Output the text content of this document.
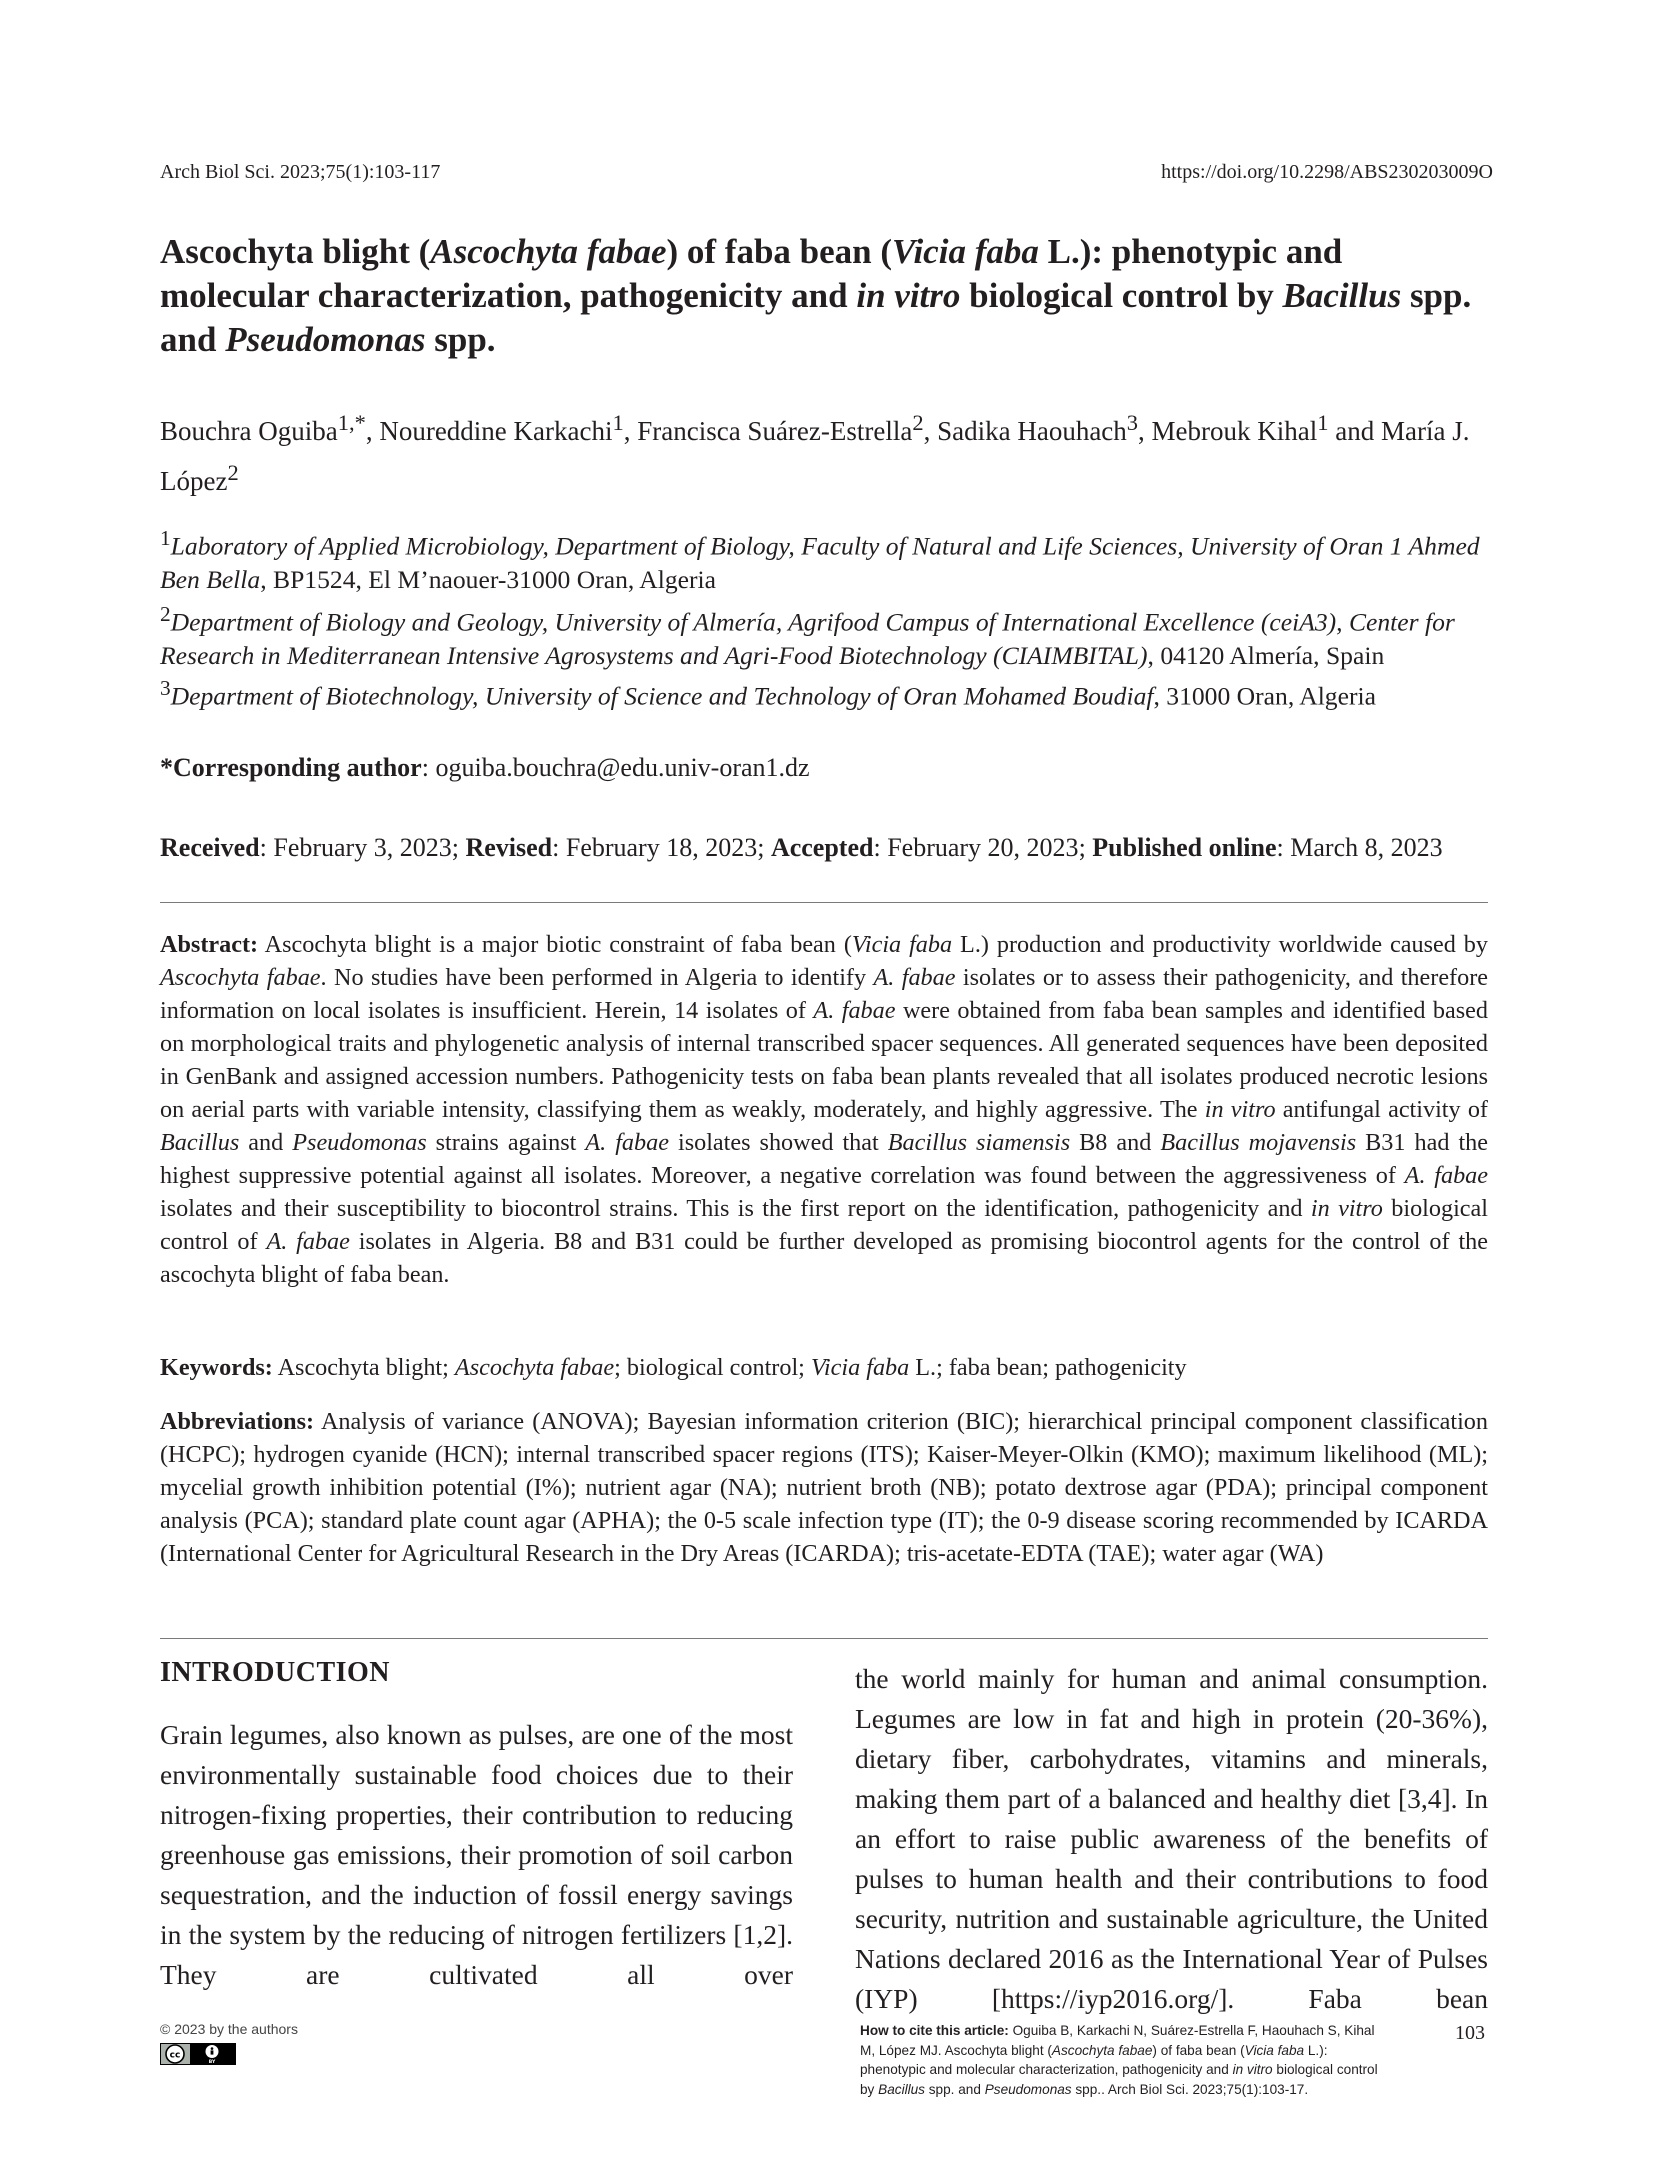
Arch Biol Sci. 2023;75(1):103-117	https://doi.org/10.2298/ABS230203009O
Ascochyta blight (Ascochyta fabae) of faba bean (Vicia faba L.): phenotypic and molecular characterization, pathogenicity and in vitro biological control by Bacillus spp. and Pseudomonas spp.
Bouchra Oguiba$^{1,*}$, Noureddine Karkachi$^1$, Francisca Suárez-Estrella$^2$, Sadika Haouhach$^3$, Mebrouk Kihal$^1$ and María J. López$^2$

$^1$Laboratory of Applied Microbiology, Department of Biology, Faculty of Natural and Life Sciences, University of Oran 1 Ahmed Ben Bella, BP1524, El M’naouer-31000 Oran, Algeria

$^2$Department of Biology and Geology, University of Almería, Agrifood Campus of International Excellence (ceiA3), Center for Research in Mediterranean Intensive Agrosystems and Agri-Food Biotechnology (CIAIMBITAL), 04120 Almería, Spain

$^3$Department of Biotechnology, University of Science and Technology of Oran Mohamed Boudiaf, 31000 Oran, Algeria

*Corresponding author: oguiba.bouchra@edu.univ-oran1.dz
Received: February 3, 2023; Revised: February 18, 2023; Accepted: February 20, 2023; Published online: March 8, 2023

Abstract: Ascochyta blight is a major biotic constraint of faba bean (Vicia faba L.) production and productivity worldwide caused by Ascochyta fabae. No studies have been performed in Algeria to identify A. fabae isolates or to assess their pathogenicity, and therefore information on local isolates is insufficient. Herein, 14 isolates of A. fabae were obtained from faba bean samples and identified based on morphological traits and phylogenetic analysis of internal transcribed spacer sequences. All generated sequences have been deposited in GenBank and assigned accession numbers. Pathogenicity tests on faba bean plants revealed that all isolates produced necrotic lesions on aerial parts with variable intensity, classifying them as weakly, moderately, and highly aggressive. The in vitro antifungal activity of Bacillus and Pseudomonas strains against A. fabae isolates showed that Bacillus siamensis B8 and Bacillus mojavensis B31 had the highest suppressive potential against all isolates. Moreover, a negative correlation was found between the aggressiveness of A. fabae isolates and their susceptibility to biocontrol strains. This is the first report on the identification, pathogenicity and in vitro biological control of A. fabae isolates in Algeria. B8 and B31 could be further developed as promising biocontrol agents for the control of the ascochyta blight of faba bean.

Keywords: Ascochyta blight; Ascochyta fabae; biological control; Vicia faba L.; faba bean; pathogenicity

Abbreviations: Analysis of variance (ANOVA); Bayesian information criterion (BIC); hierarchical principal component classification (HCPC); hydrogen cyanide (HCN); internal transcribed spacer regions (ITS); Kaiser-Meyer-Olkin (KMO); maximum likelihood (ML); mycelial growth inhibition potential (I%); nutrient agar (NA); nutrient broth (NB); potato dextrose agar (PDA); principal component analysis (PCA); standard plate count agar (APHA); the 0-5 scale infection type (IT); the 0-9 disease scoring recommended by ICARDA (International Center for Agricultural Research in the Dry Areas (ICARDA); tris-acetate-EDTA (TAE); water agar (WA)

INTRODUCTION

Grain legumes, also known as pulses, are one of the most environmentally sustainable food choices due to their nitrogen-fixing properties, their contribution to reducing greenhouse gas emissions, their promotion of soil carbon sequestration, and the induction of fossil energy savings in the system by the reducing of nitrogen fertilizers [1,2]. They are cultivated all over

the world mainly for human and animal consumption. Legumes are low in fat and high in protein (20-36%), dietary fiber, carbohydrates, vitamins and minerals, making them part of a balanced and healthy diet [3,4]. In an effort to raise public awareness of the benefits of pulses to human health and their contributions to food security, nutrition and sustainable agriculture, the United Nations declared 2016 as the International Year of Pulses (IYP) [https://iyp2016.org/]. Faba bean

© 2023 by the authors
cc
BY

How to cite this article: Oguiba B, Karkachi N, Suárez-Estrella F, Haouhach S, Kihal M, López MJ. Ascochyta blight (Ascochyta fabae) of faba bean (Vicia faba L.): phenotypic and molecular characterization, pathogenicity and in vitro biological control by Bacillus spp. and Pseudomonas spp.. Arch Biol Sci. 2023;75(1):103-17.

103
